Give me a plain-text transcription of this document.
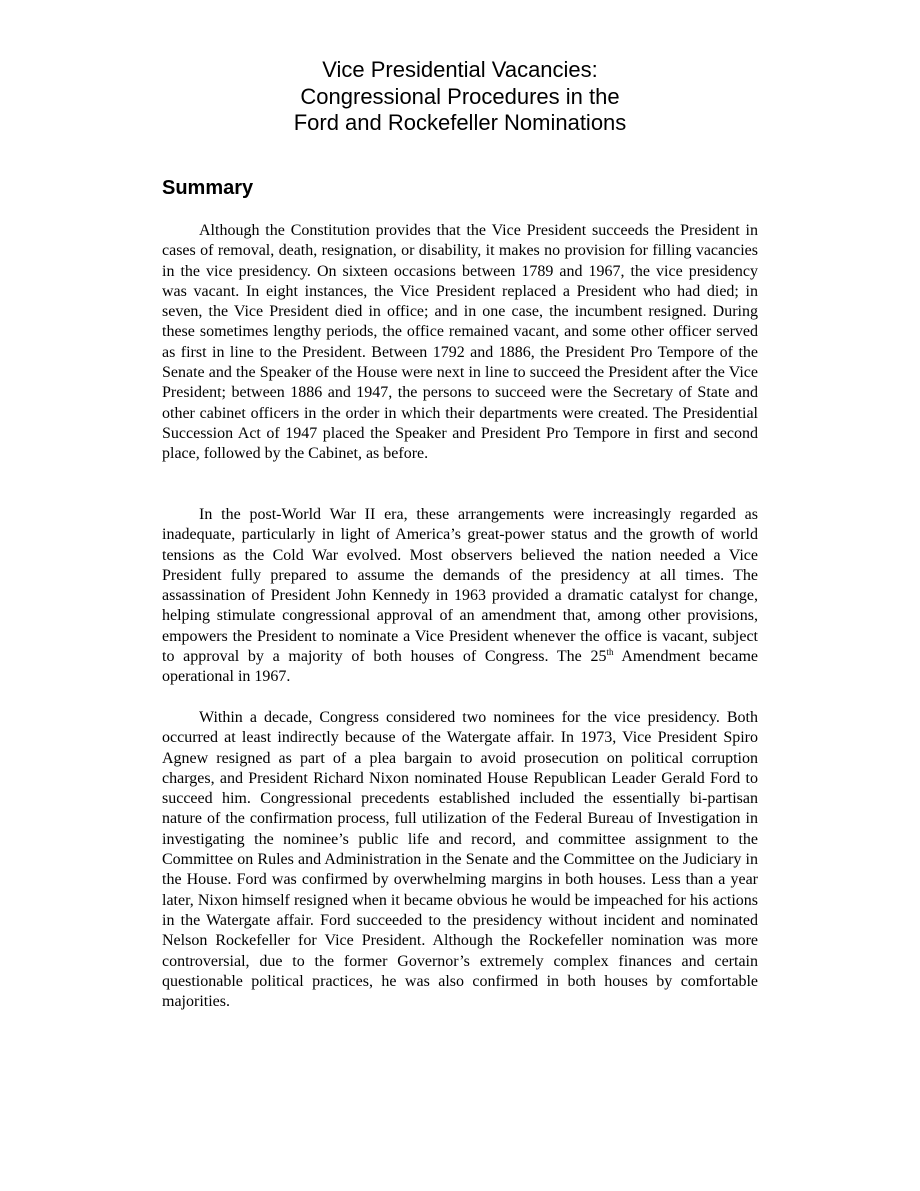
Vice Presidential Vacancies:
Congressional Procedures in the
Ford and Rockefeller Nominations
Summary

Although the Constitution provides that the Vice President succeeds the President in cases of removal, death, resignation, or disability, it makes no provision for filling vacancies in the vice presidency. On sixteen occasions between 1789 and 1967, the vice presidency was vacant. In eight instances, the Vice President replaced a President who had died; in seven, the Vice President died in office; and in one case, the incumbent resigned. During these sometimes lengthy periods, the office remained vacant, and some other officer served as first in line to the President. Between 1792 and 1886, the President Pro Tempore of the Senate and the Speaker of the House were next in line to succeed the President after the Vice President; between 1886 and 1947, the persons to succeed were the Secretary of State and other cabinet officers in the order in which their departments were created. The Presidential Succession Act of 1947 placed the Speaker and President Pro Tempore in first and second place, followed by the Cabinet, as before.

In the post-World War II era, these arrangements were increasingly regarded as inadequate, particularly in light of America’s great-power status and the growth of world tensions as the Cold War evolved. Most observers believed the nation needed a Vice President fully prepared to assume the demands of the presidency at all times. The assassination of President John Kennedy in 1963 provided a dramatic catalyst for change, helping stimulate congressional approval of an amendment that, among other provisions, empowers the President to nominate a Vice President whenever the office is vacant, subject to approval by a majority of both houses of Congress. The 25th Amendment became operational in 1967.

Within a decade, Congress considered two nominees for the vice presidency. Both occurred at least indirectly because of the Watergate affair. In 1973, Vice President Spiro Agnew resigned as part of a plea bargain to avoid prosecution on political corruption charges, and President Richard Nixon nominated House Republican Leader Gerald Ford to succeed him. Congressional precedents established included the essentially bi-partisan nature of the confirmation process, full utilization of the Federal Bureau of Investigation in investigating the nominee’s public life and record, and committee assignment to the Committee on Rules and Administration in the Senate and the Committee on the Judiciary in the House. Ford was confirmed by overwhelming margins in both houses. Less than a year later, Nixon himself resigned when it became obvious he would be impeached for his actions in the Watergate affair. Ford succeeded to the presidency without incident and nominated Nelson Rockefeller for Vice President. Although the Rockefeller nomination was more controversial, due to the former Governor’s extremely complex finances and certain questionable political practices, he was also confirmed in both houses by comfortable majorities.
